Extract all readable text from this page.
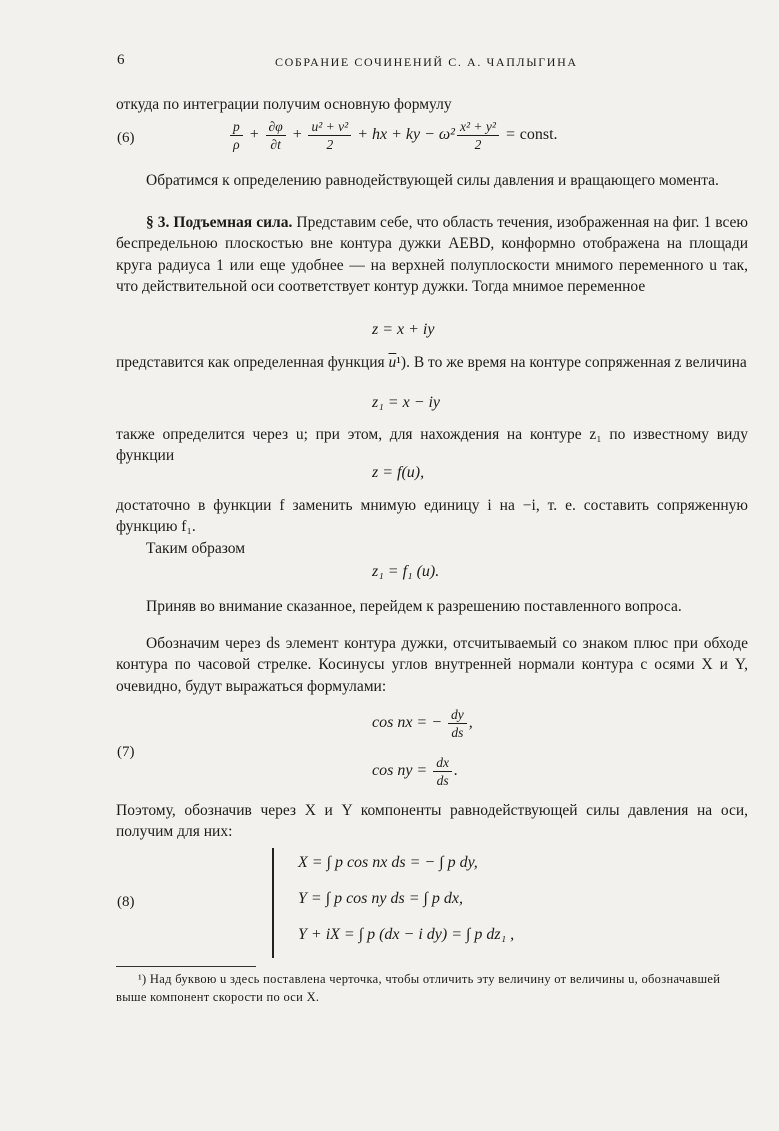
6	СОБРАНИЕ СОЧИНЕНИЙ С. А. ЧАПЛЫГИНА
откуда по интеграции получим основную формулу
(6)	$\frac{p}{\rho} + \frac{\partial\varphi}{\partial t} + \frac{\text{u² + v²}}{2}$ + hx + ky − $\omega^2 \frac{\text{x² + y²}}{2}$ = const.
Обратимся к определению равнодействующей силы давления и вращающего момента.
§ 3. Подъемная сила. Представим себе, что область течения, изображенная на фиг. 1 всею беспредельною плоскостью вне контура дужки AEBD, конформно отображена на площади круга радиуса 1 или еще удобнее — на верхней полуплоскости мнимого переменного u так, что действительной оси соответствует контур дужки. Тогда мнимое переменное
z = x + iy
представится как определенная функция $\overline{u}^1$). В то же время на контуре сопряженная z величина
z₁ = x − iy
также определится через u; при этом, для нахождения на контуре z₁ по известному виду функции
z = f(u),
достаточно в функции f заменить мнимую единицу i на −i, т. е. составить сопряженную функцию f₁.
Таким образом
z₁ = f₁ (u).
Приняв во внимание сказанное, перейдем к разрешению поставленного вопроса.
Обозначим через ds элемент контура дужки, отсчитываемый со знаком плюс при обходе контура по часовой стрелке. Косинусы углов внутренней нормали контура с осями X и Y, очевидно, будут выражаться формулами:
(7)
cos nx = − $\frac{dy}{ds}$ ,
cos ny = $\frac{dx}{ds}$ .
Поэтому, обозначив через X и Y компоненты равнодействующей силы давления на оси, получим для них:
(8)
X = ∫ p cos nx ds = − ∫ p dy,
Y = ∫ p cos ny ds = ∫ p dx,
Y + iX = ∫ p (dx − i dy) = ∫ p dz₁ ,
¹) Над буквою u здесь поставлена черточка, чтобы отличить эту величину от величины u, обозначавшей выше компонент скорости по оси X.
